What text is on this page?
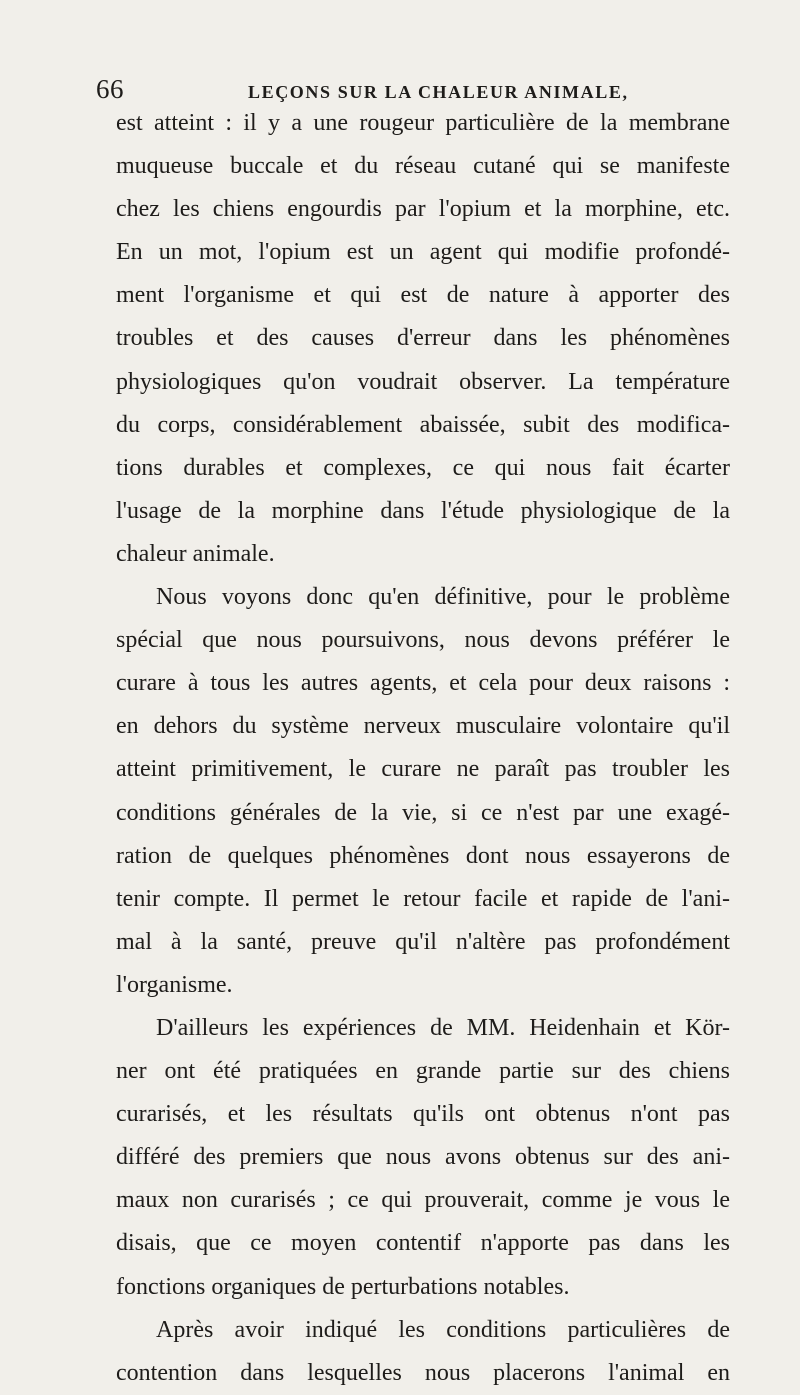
66	LEÇONS SUR LA CHALEUR ANIMALE,

est atteint : il y a une rougeur particulière de la membrane
muqueuse buccale et du réseau cutané qui se manifeste
chez les chiens engourdis par l'opium et la morphine, etc.
En un mot, l'opium est un agent qui modifie profondé-
ment l'organisme et qui est de nature à apporter des
troubles et des causes d'erreur dans les phénomènes
physiologiques qu'on voudrait observer. La température
du corps, considérablement abaissée, subit des modifica-
tions durables et complexes, ce qui nous fait écarter
l'usage de la morphine dans l'étude physiologique de la
chaleur animale.

Nous voyons donc qu'en définitive, pour le problème
spécial que nous poursuivons, nous devons préférer le
curare à tous les autres agents, et cela pour deux raisons :
en dehors du système nerveux musculaire volontaire qu'il
atteint primitivement, le curare ne paraît pas troubler les
conditions générales de la vie, si ce n'est par une exagé-
ration de quelques phénomènes dont nous essayerons de
tenir compte. Il permet le retour facile et rapide de l'ani-
mal à la santé, preuve qu'il n'altère pas profondément
l'organisme.

D'ailleurs les expériences de MM. Heidenhain et Kör-
ner ont été pratiquées en grande partie sur des chiens
curarisés, et les résultats qu'ils ont obtenus n'ont pas
différé des premiers que nous avons obtenus sur des ani-
maux non curarisés ; ce qui prouverait, comme je vous le
disais, que ce moyen contentif n'apporte pas dans les
fonctions organiques de perturbations notables.

Après avoir indiqué les conditions particulières de
contention dans lesquelles nous placerons l'animal en
